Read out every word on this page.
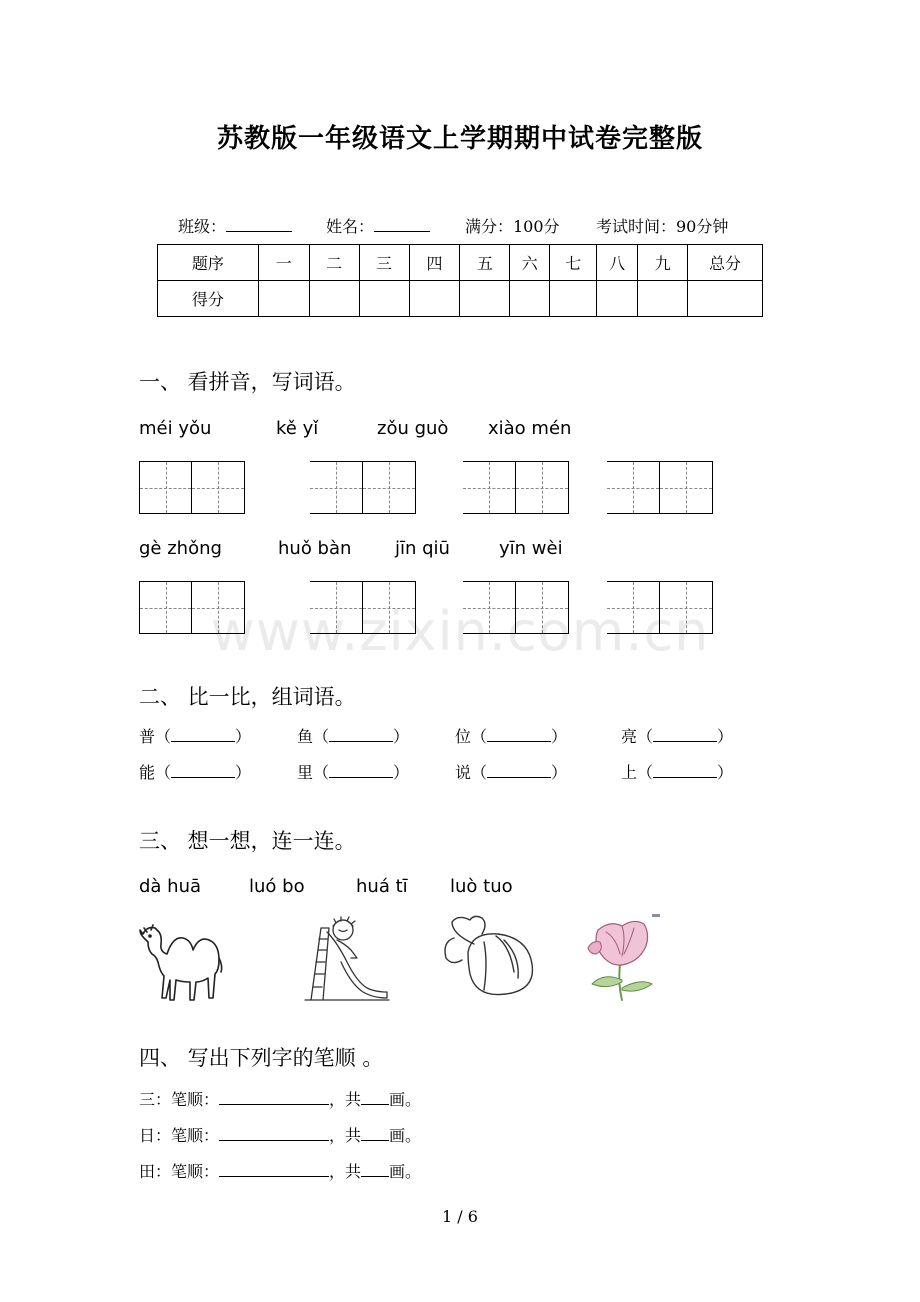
苏教版一年级语文上学期期中试卷完整版
班级：	姓名：	满分：100分 考试时间：90分钟
题序	一	二	三	四	五	六	七	八	九	总分
得分										
一、 看拼音，写词语。
méi yǒu	kě yǐ	zǒu guò xiào mén
gè zhǒng	huǒ bàn jīn qiū	yīn wèi
www.zixin.com.cn
二、 比一比，组词语。
普（	）	鱼（	）	位（	）	亮（	）
能（	）	里（	）	说（	）	上（	）
三、 想一想，连一连。
dà huā	luó bo	huá tī luò tuo
四、 写出下列字的笔顺 。
三：笔顺：	，共 画。
日：笔顺：	，共 画。
田：笔顺：	，共 画。
1 / 6
